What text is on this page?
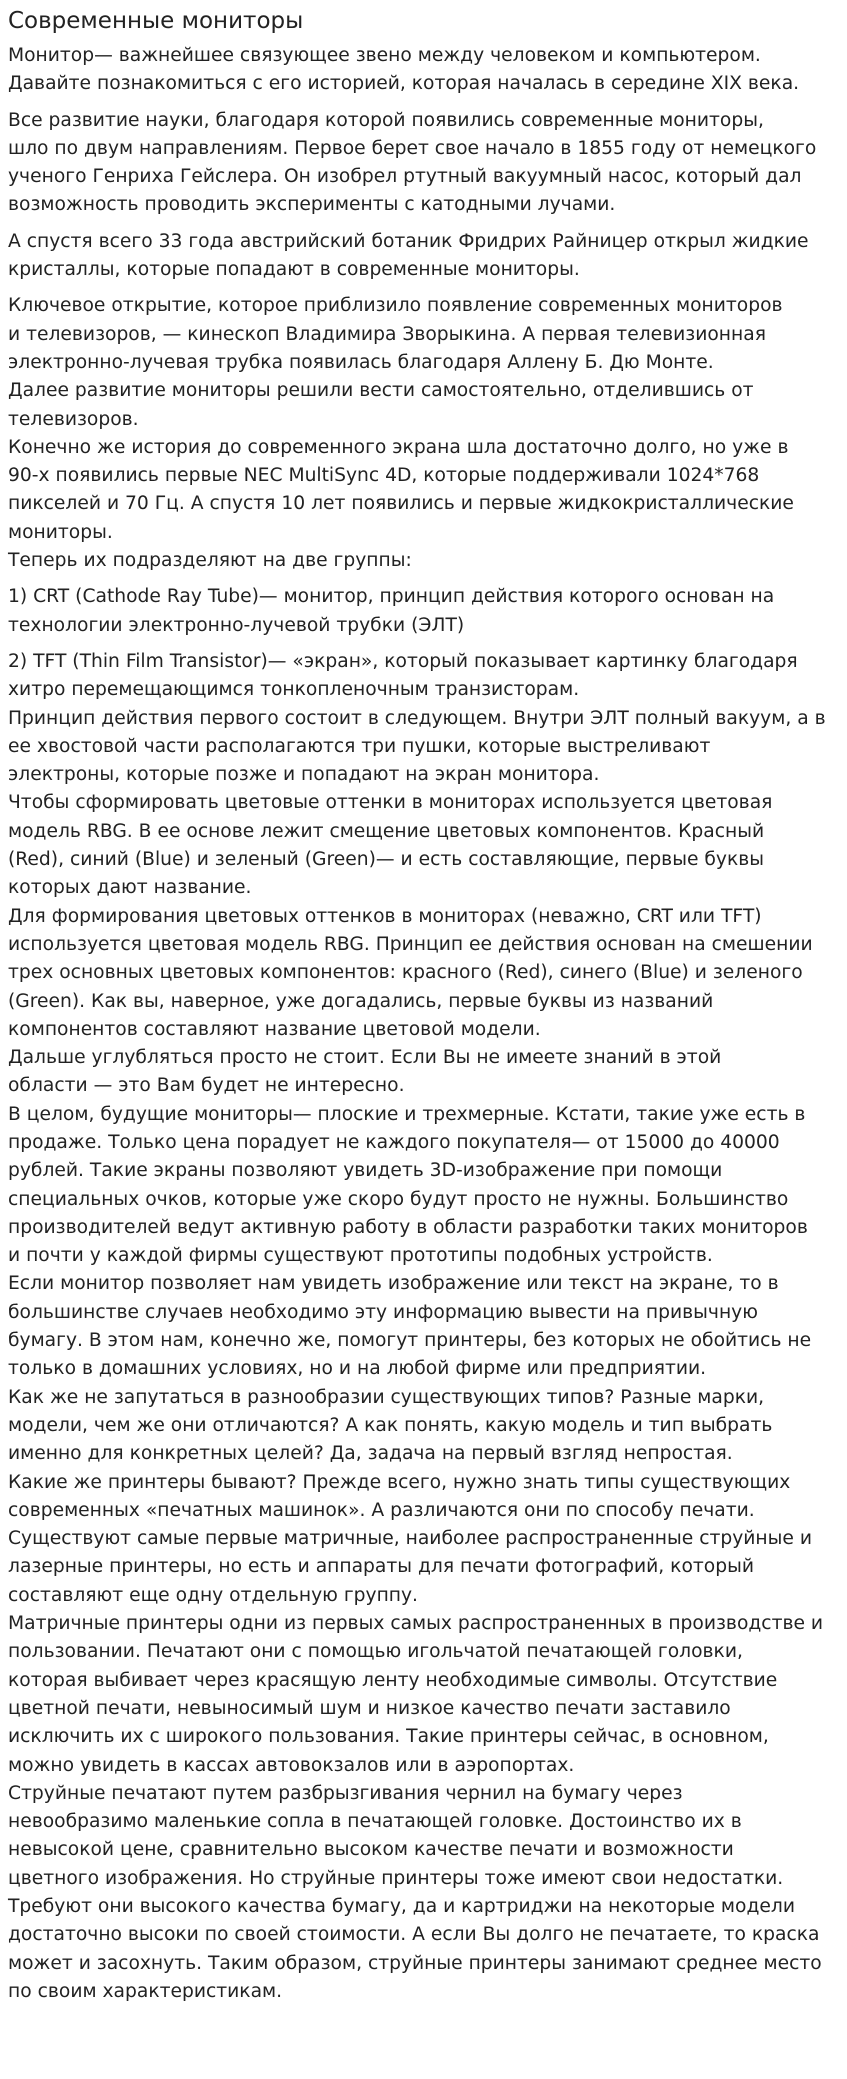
Современные мониторы
Монитор— важнейшее связующее звено между человеком и компьютером.
Давайте познакомиться с его историей, которая началась в середине XIX века.
Все развитие науки, благодаря которой появились современные мониторы,
шло по двум направлениям. Первое берет свое начало в 1855 году от немецкого
ученого Генриха Гейслера. Он изобрел ртутный вакуумный насос, который дал
возможность проводить эксперименты с катодными лучами.
А спустя всего 33 года австрийский ботаник Фридрих Райницер открыл жидкие
кристаллы, которые попадают в современные мониторы.
Ключевое открытие, которое приблизило появление современных мониторов
и телевизоров, — кинескоп Владимира Зворыкина. А первая телевизионная
электронно-лучевая трубка появилась благодаря Аллену Б. Дю Монте.
Далее развитие мониторы решили вести самостоятельно, отделившись от
телевизоров.
Конечно же история до современного экрана шла достаточно долго, но уже в
90-х появились первые NEC MultiSync 4D, которые поддерживали 1024*768
пикселей и 70 Гц. А спустя 10 лет появились и первые жидкокристаллические
мониторы.
Теперь их подразделяют на две группы:
1) CRT (Cathode Ray Tube)— монитор, принцип действия которого основан на
технологии электронно-лучевой трубки (ЭЛТ)
2) TFT (Thin Film Transistor)— «экран», который показывает картинку благодаря
хитро перемещающимся тонкопленочным транзисторам.
Принцип действия первого состоит в следующем. Внутри ЭЛТ полный вакуум, а в
ее хвостовой части располагаются три пушки, которые выстреливают
электроны, которые позже и попадают на экран монитора.
Чтобы сформировать цветовые оттенки в мониторах используется цветовая
модель RBG. В ее основе лежит смещение цветовых компонентов. Красный
(Red), синий (Blue) и зеленый (Green)— и есть составляющие, первые буквы
которых дают название.
Для формирования цветовых оттенков в мониторах (неважно, CRT или TFT)
используется цветовая модель RBG. Принцип ее действия основан на смешении
трех основных цветовых компонентов: красного (Red), синего (Blue) и зеленого
(Green). Как вы, наверное, уже догадались, первые буквы из названий
компонентов составляют название цветовой модели.
Дальше углубляться просто не стоит. Если Вы не имеете знаний в этой
области — это Вам будет не интересно.
В целом, будущие мониторы— плоские и трехмерные. Кстати, такие уже есть в
продаже. Только цена порадует не каждого покупателя— от 15000 до 40000
рублей. Такие экраны позволяют увидеть 3D-изображение при помощи
специальных очков, которые уже скоро будут просто не нужны. Большинство
производителей ведут активную работу в области разработки таких мониторов
и почти у каждой фирмы существуют прототипы подобных устройств.
Если монитор позволяет нам увидеть изображение или текст на экране, то в
большинстве случаев необходимо эту информацию вывести на привычную
бумагу. В этом нам, конечно же, помогут принтеры, без которых не обойтись не
только в домашних условиях, но и на любой фирме или предприятии.
Как же не запутаться в разнообразии существующих типов? Разные марки,
модели, чем же они отличаются? А как понять, какую модель и тип выбрать
именно для конкретных целей? Да, задача на первый взгляд непростая.
Какие же принтеры бывают? Прежде всего, нужно знать типы существующих
современных «печатных машинок». А различаются они по способу печати.
Существуют самые первые матричные, наиболее распространенные струйные и
лазерные принтеры, но есть и аппараты для печати фотографий, который
составляют еще одну отдельную группу.
Матричные принтеры одни из первых самых распространенных в производстве и
пользовании. Печатают они с помощью игольчатой печатающей головки,
которая выбивает через красящую ленту необходимые символы. Отсутствие
цветной печати, невыносимый шум и низкое качество печати заставило
исключить их с широкого пользования. Такие принтеры сейчас, в основном,
можно увидеть в кассах автовокзалов или в аэропортах.
Струйные печатают путем разбрызгивания чернил на бумагу через
невообразимо маленькие сопла в печатающей головке. Достоинство их в
невысокой цене, сравнительно высоком качестве печати и возможности
цветного изображения. Но струйные принтеры тоже имеют свои недостатки.
Требуют они высокого качества бумагу, да и картриджи на некоторые модели
достаточно высоки по своей стоимости. А если Вы долго не печатаете, то краска
может и засохнуть. Таким образом, струйные принтеры занимают среднее место
по своим характеристикам.
